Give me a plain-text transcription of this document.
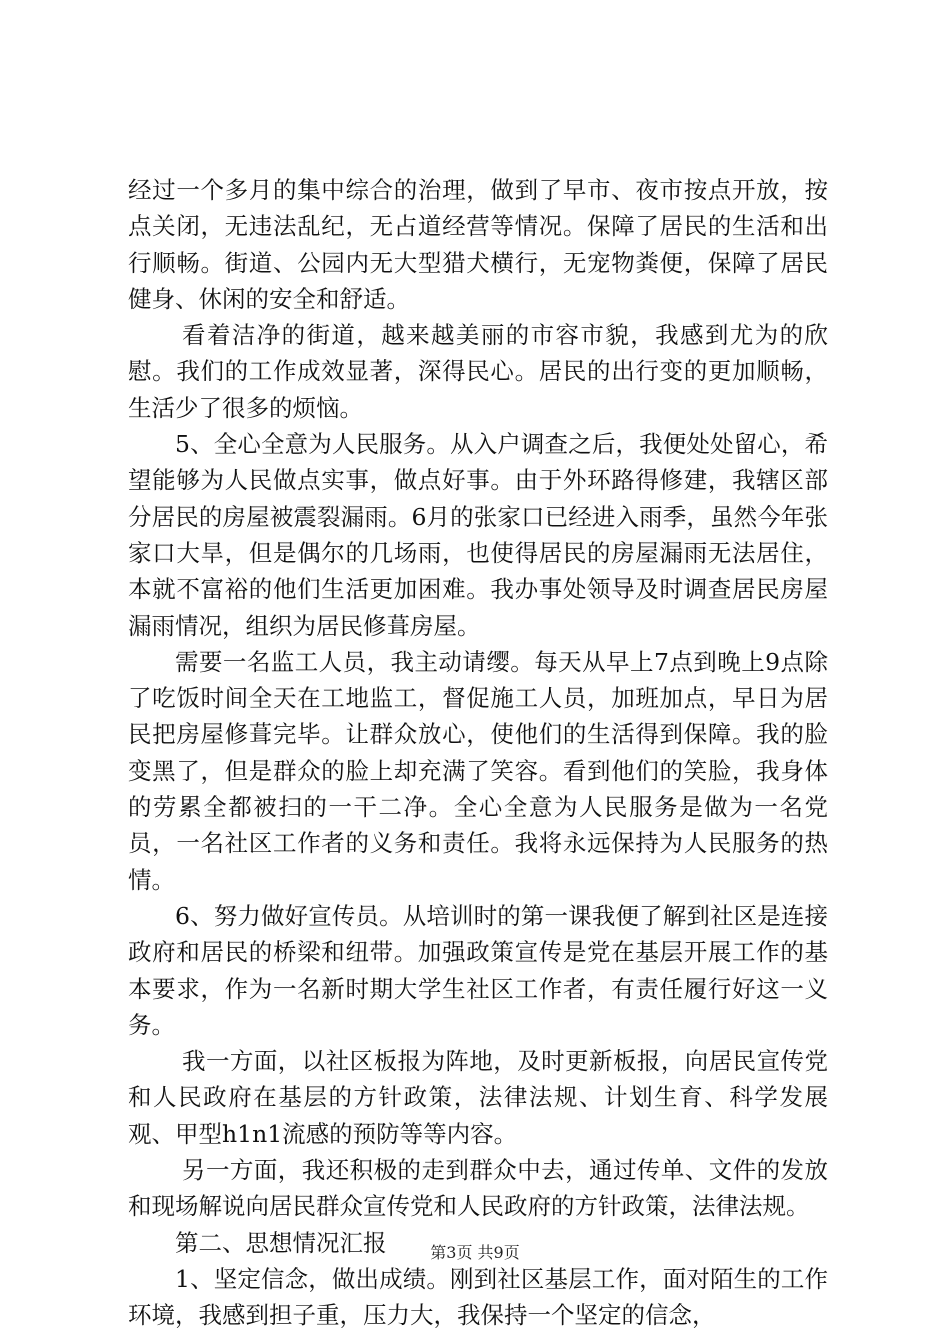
经过一个多月的集中综合的治理，做到了早市、夜市按点开放，按点关闭，无违法乱纪，无占道经营等情况。保障了居民的生活和出行顺畅。街道、公园内无大型猎犬横行，无宠物粪便，保障了居民健身、休闲的安全和舒适。

看着洁净的街道，越来越美丽的市容市貌，我感到尤为的欣慰。我们的工作成效显著，深得民心。居民的出行变的更加顺畅，生活少了很多的烦恼。

5、全心全意为人民服务。从入户调查之后，我便处处留心，希望能够为人民做点实事，做点好事。由于外环路得修建，我辖区部分居民的房屋被震裂漏雨。6月的张家口已经进入雨季，虽然今年张家口大旱，但是偶尔的几场雨，也使得居民的房屋漏雨无法居住，本就不富裕的他们生活更加困难。我办事处领导及时调查居民房屋漏雨情况，组织为居民修葺房屋。

需要一名监工人员，我主动请缨。每天从早上7点到晚上9点除了吃饭时间全天在工地监工，督促施工人员，加班加点，早日为居民把房屋修葺完毕。让群众放心，使他们的生活得到保障。我的脸变黑了，但是群众的脸上却充满了笑容。看到他们的笑脸，我身体的劳累全都被扫的一干二净。全心全意为人民服务是做为一名党员，一名社区工作者的义务和责任。我将永远保持为人民服务的热情。

6、努力做好宣传员。从培训时的第一课我便了解到社区是连接政府和居民的桥梁和纽带。加强政策宣传是党在基层开展工作的基本要求，作为一名新时期大学生社区工作者，有责任履行好这一义务。

我一方面，以社区板报为阵地，及时更新板报，向居民宣传党和人民政府在基层的方针政策，法律法规、计划生育、科学发展观、甲型h1n1流感的预防等等内容。

另一方面，我还积极的走到群众中去，通过传单、文件的发放和现场解说向居民群众宣传党和人民政府的方针政策，法律法规。

第二、思想情况汇报

1、坚定信念，做出成绩。刚到社区基层工作，面对陌生的工作环境，我感到担子重，压力大，我保持一个坚定的信念，

第3页 共9页
